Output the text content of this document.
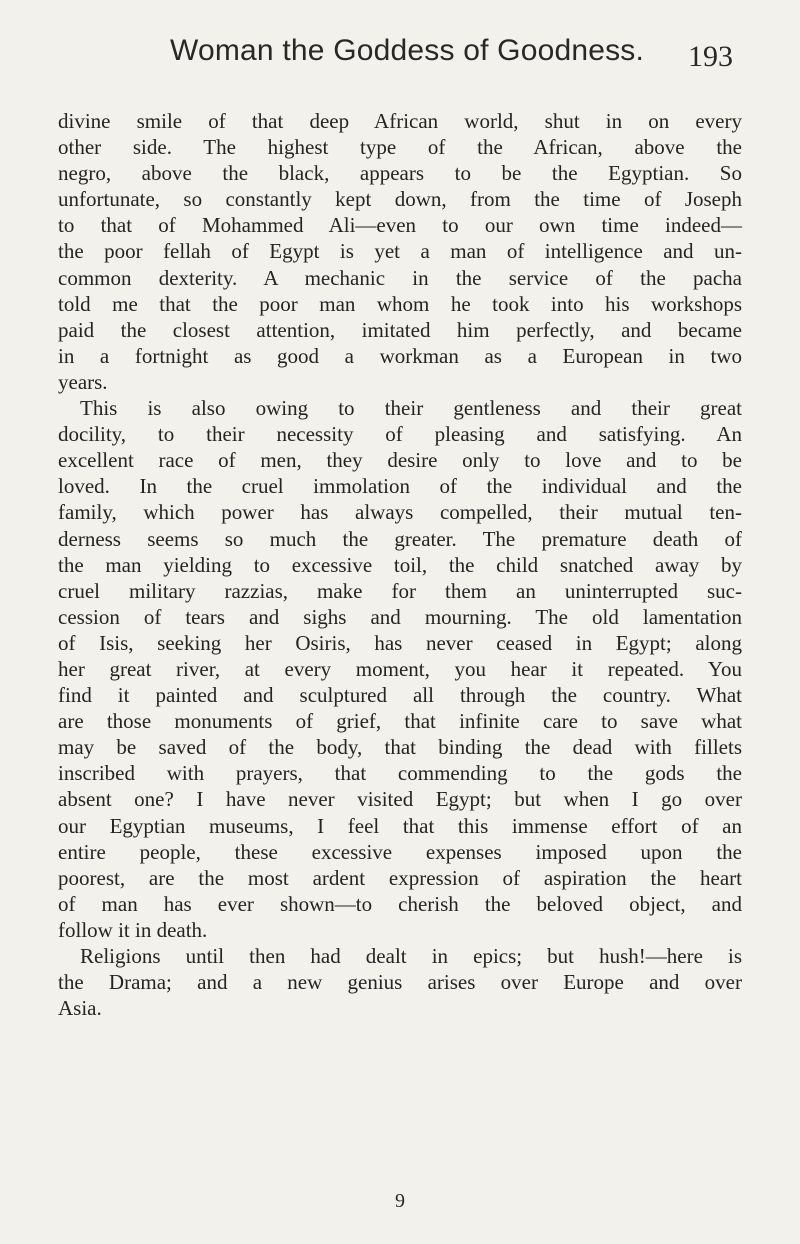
Woman the Goddess of Goodness. 193
divine smile of that deep African world, shut in on every
other side. The highest type of the African, above the
negro, above the black, appears to be the Egyptian. So
unfortunate, so constantly kept down, from the time of Joseph
to that of Mohammed Ali—even to our own time indeed—
the poor fellah of Egypt is yet a man of intelligence and un-
common dexterity. A mechanic in the service of the pacha
told me that the poor man whom he took into his workshops
paid the closest attention, imitated him perfectly, and became
in a fortnight as good a workman as a European in two
years.
This is also owing to their gentleness and their great
docility, to their necessity of pleasing and satisfying. An
excellent race of men, they desire only to love and to be
loved. In the cruel immolation of the individual and the
family, which power has always compelled, their mutual ten-
derness seems so much the greater. The premature death of
the man yielding to excessive toil, the child snatched away by
cruel military razzias, make for them an uninterrupted suc-
cession of tears and sighs and mourning. The old lamentation
of Isis, seeking her Osiris, has never ceased in Egypt; along
her great river, at every moment, you hear it repeated. You
find it painted and sculptured all through the country. What
are those monuments of grief, that infinite care to save what
may be saved of the body, that binding the dead with fillets
inscribed with prayers, that commending to the gods the
absent one? I have never visited Egypt; but when I go over
our Egyptian museums, I feel that this immense effort of an
entire people, these excessive expenses imposed upon the
poorest, are the most ardent expression of aspiration the heart
of man has ever shown—to cherish the beloved object, and
follow it in death.
Religions until then had dealt in epics; but hush!—here is
the Drama; and a new genius arises over Europe and over
Asia.
9
